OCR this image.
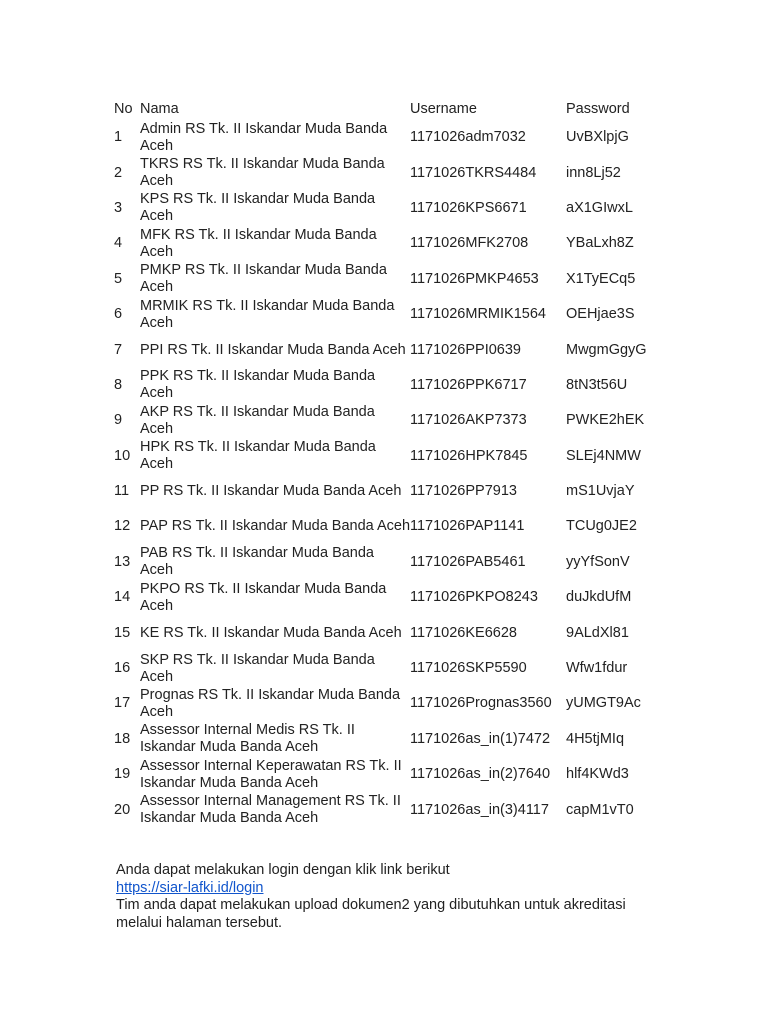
No	Nama	Username	Password
1	Admin RS Tk. II Iskandar Muda Banda Aceh	1171026adm7032	UvBXlpjG
2	TKRS RS Tk. II Iskandar Muda Banda Aceh	1171026TKRS4484	inn8Lj52
3	KPS RS Tk. II Iskandar Muda Banda Aceh	1171026KPS6671	aX1GIwxL
4	MFK RS Tk. II Iskandar Muda Banda Aceh	1171026MFK2708	YBaLxh8Z
5	PMKP RS Tk. II Iskandar Muda Banda Aceh	1171026PMKP4653	X1TyECq5
6	MRMIK RS Tk. II Iskandar Muda Banda Aceh	1171026MRMIK1564	OEHjae3S
7	PPI RS Tk. II Iskandar Muda Banda Aceh	1171026PPI0639	MwgmGgyG
8	PPK RS Tk. II Iskandar Muda Banda Aceh	1171026PPK6717	8tN3t56U
9	AKP RS Tk. II Iskandar Muda Banda Aceh	1171026AKP7373	PWKE2hEK
10	HPK RS Tk. II Iskandar Muda Banda Aceh	1171026HPK7845	SLEj4NMW
11	PP RS Tk. II Iskandar Muda Banda Aceh	1171026PP7913	mS1UvjaY
12	PAP RS Tk. II Iskandar Muda Banda Aceh	1171026PAP1141	TCUg0JE2
13	PAB RS Tk. II Iskandar Muda Banda Aceh	1171026PAB5461	yyYfSonV
14	PKPO RS Tk. II Iskandar Muda Banda Aceh	1171026PKPO8243	duJkdUfM
15	KE RS Tk. II Iskandar Muda Banda Aceh	1171026KE6628	9ALdXl81
16	SKP RS Tk. II Iskandar Muda Banda Aceh	1171026SKP5590	Wfw1fdur
17	Prognas RS Tk. II Iskandar Muda Banda Aceh	1171026Prognas3560	yUMGT9Ac
18	Assessor Internal Medis RS Tk. II Iskandar Muda Banda Aceh	1171026as_in(1)7472	4H5tjMIq
19	Assessor Internal Keperawatan RS Tk. II Iskandar Muda Banda Aceh	1171026as_in(2)7640	hlf4KWd3
20	Assessor Internal Management RS Tk. II Iskandar Muda Banda Aceh	1171026as_in(3)4117	capM1vT0

Anda dapat melakukan login dengan klik link berikut

https://siar-lafki.id/login

Tim anda dapat melakukan upload dokumen2 yang dibutuhkan untuk akreditasi melalui halaman tersebut.
